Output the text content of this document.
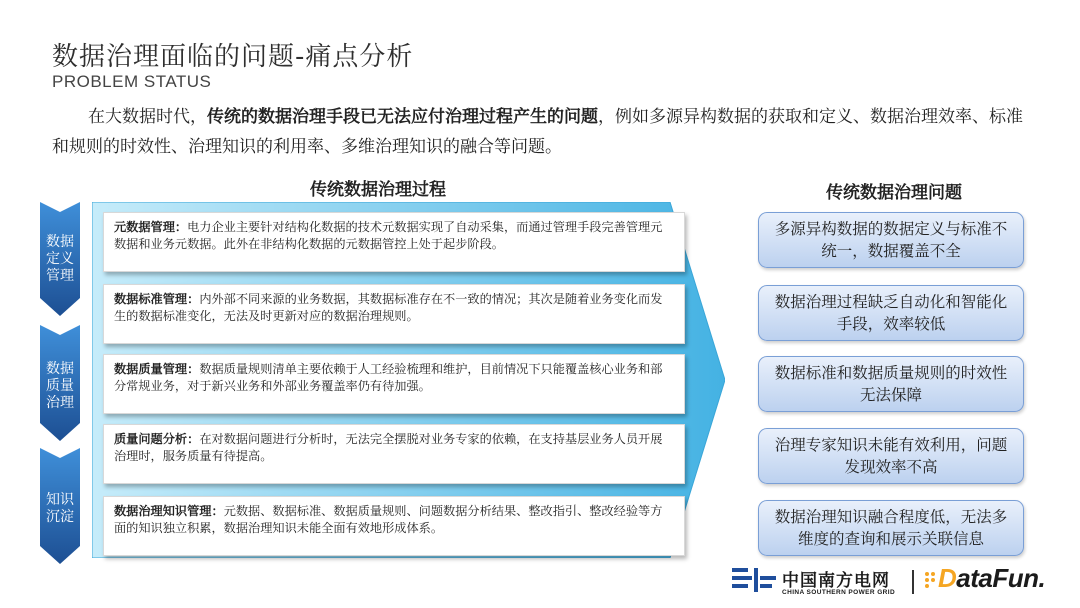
数据治理面临的问题-痛点分析
PROBLEM STATUS
在大数据时代，传统的数据治理手段已无法应付治理过程产生的问题，例如多源异构数据的获取和定义、数据治理效率、标准和规则的时效性、治理知识的利用率、多维治理知识的融合等问题。
传统数据治理过程	传统数据治理问题
数据
定义
管理
数据
质量
治理
知识
沉淀
元数据管理：电力企业主要针对结构化数据的技术元数据实现了自动采集，而通过管理手段完善管理元数据和业务元数据。此外在非结构化数据的元数据管控上处于起步阶段。
数据标准管理：内外部不同来源的业务数据，其数据标准存在不一致的情况；其次是随着业务变化而发生的数据标准变化，无法及时更新对应的数据治理规则。
数据质量管理：数据质量规则清单主要依赖于人工经验梳理和维护，目前情况下只能覆盖核心业务和部分常规业务，对于新兴业务和外部业务覆盖率仍有待加强。
质量问题分析：在对数据问题进行分析时，无法完全摆脱对业务专家的依赖，在支持基层业务人员开展治理时，服务质量有待提高。
数据治理知识管理：元数据、数据标准、数据质量规则、问题数据分析结果、整改指引、整改经验等方面的知识独立积累，数据治理知识未能全面有效地形成体系。
多源异构数据的数据定义与标准不统一，数据覆盖不全
数据治理过程缺乏自动化和智能化手段，效率较低
数据标准和数据质量规则的时效性无法保障
治理专家知识未能有效利用，问题发现效率不高
数据治理知识融合程度低，无法多维度的查询和展示关联信息
中国南方电网
CHINA SOUTHERN POWER GRID DataFun.
